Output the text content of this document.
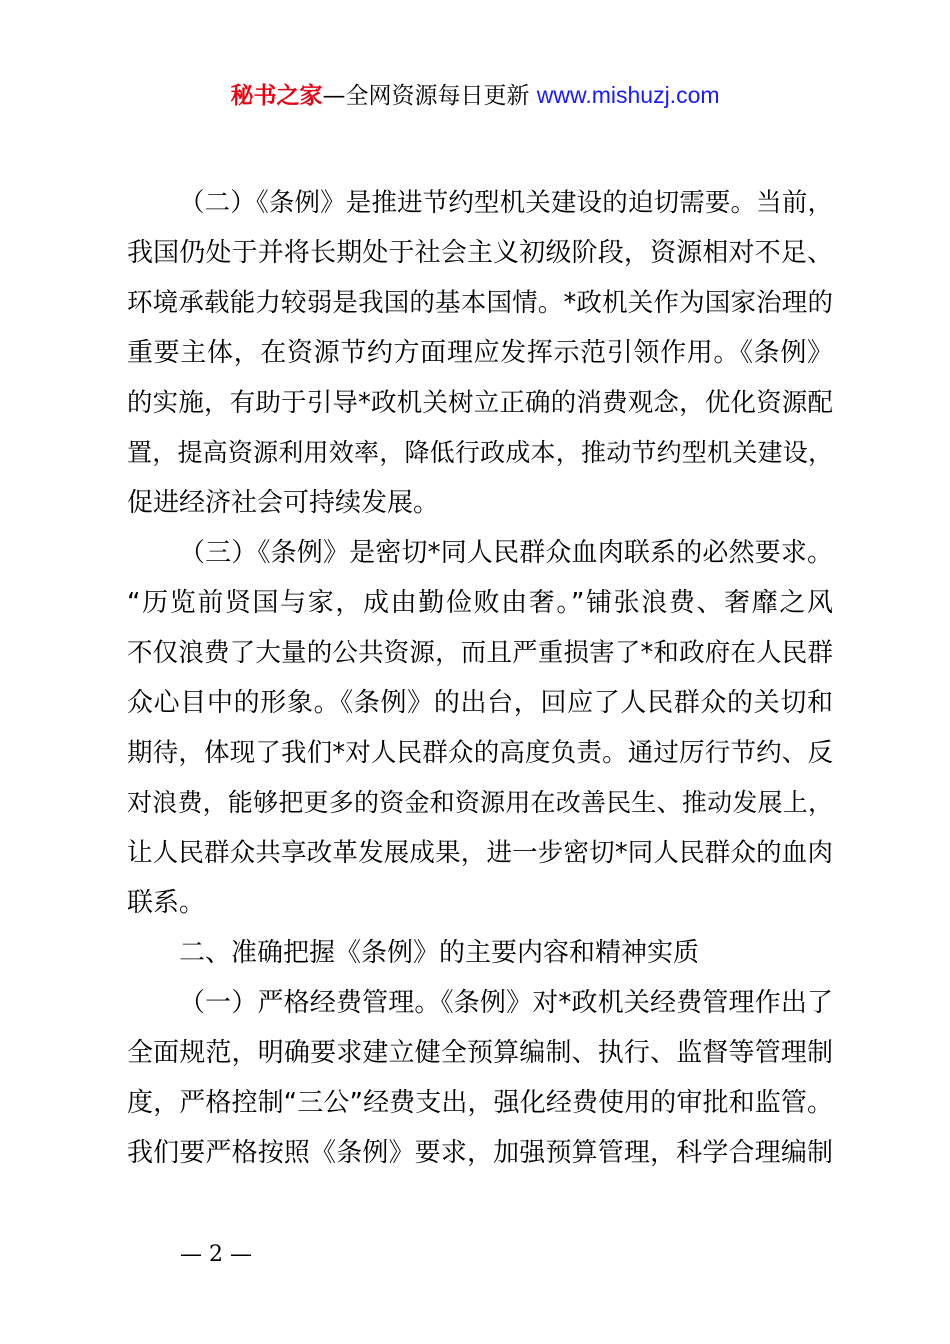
秘书之家—全网资源每日更新 www.mishuzj.com
（二）《条例》是推进节约型机关建设的迫切需要。当前，
我国仍处于并将长期处于社会主义初级阶段，资源相对不足、
环境承载能力较弱是我国的基本国情。*政机关作为国家治理的
重要主体，在资源节约方面理应发挥示范引领作用。《条例》
的实施，有助于引导*政机关树立正确的消费观念，优化资源配
置，提高资源利用效率，降低行政成本，推动节约型机关建设，
促进经济社会可持续发展。
（三）《条例》是密切*同人民群众血肉联系的必然要求。
“历览前贤国与家，成由勤俭败由奢。”铺张浪费、奢靡之风
不仅浪费了大量的公共资源，而且严重损害了*和政府在人民群
众心目中的形象。《条例》的出台，回应了人民群众的关切和
期待，体现了我们*对人民群众的高度负责。通过厉行节约、反
对浪费，能够把更多的资金和资源用在改善民生、推动发展上，
让人民群众共享改革发展成果，进一步密切*同人民群众的血肉
联系。
二、准确把握《条例》的主要内容和精神实质
（一）严格经费管理。《条例》对*政机关经费管理作出了
全面规范，明确要求建立健全预算编制、执行、监督等管理制
度，严格控制“三公”经费支出，强化经费使用的审批和监管。
我们要严格按照《条例》要求，加强预算管理，科学合理编制
— 2 —
